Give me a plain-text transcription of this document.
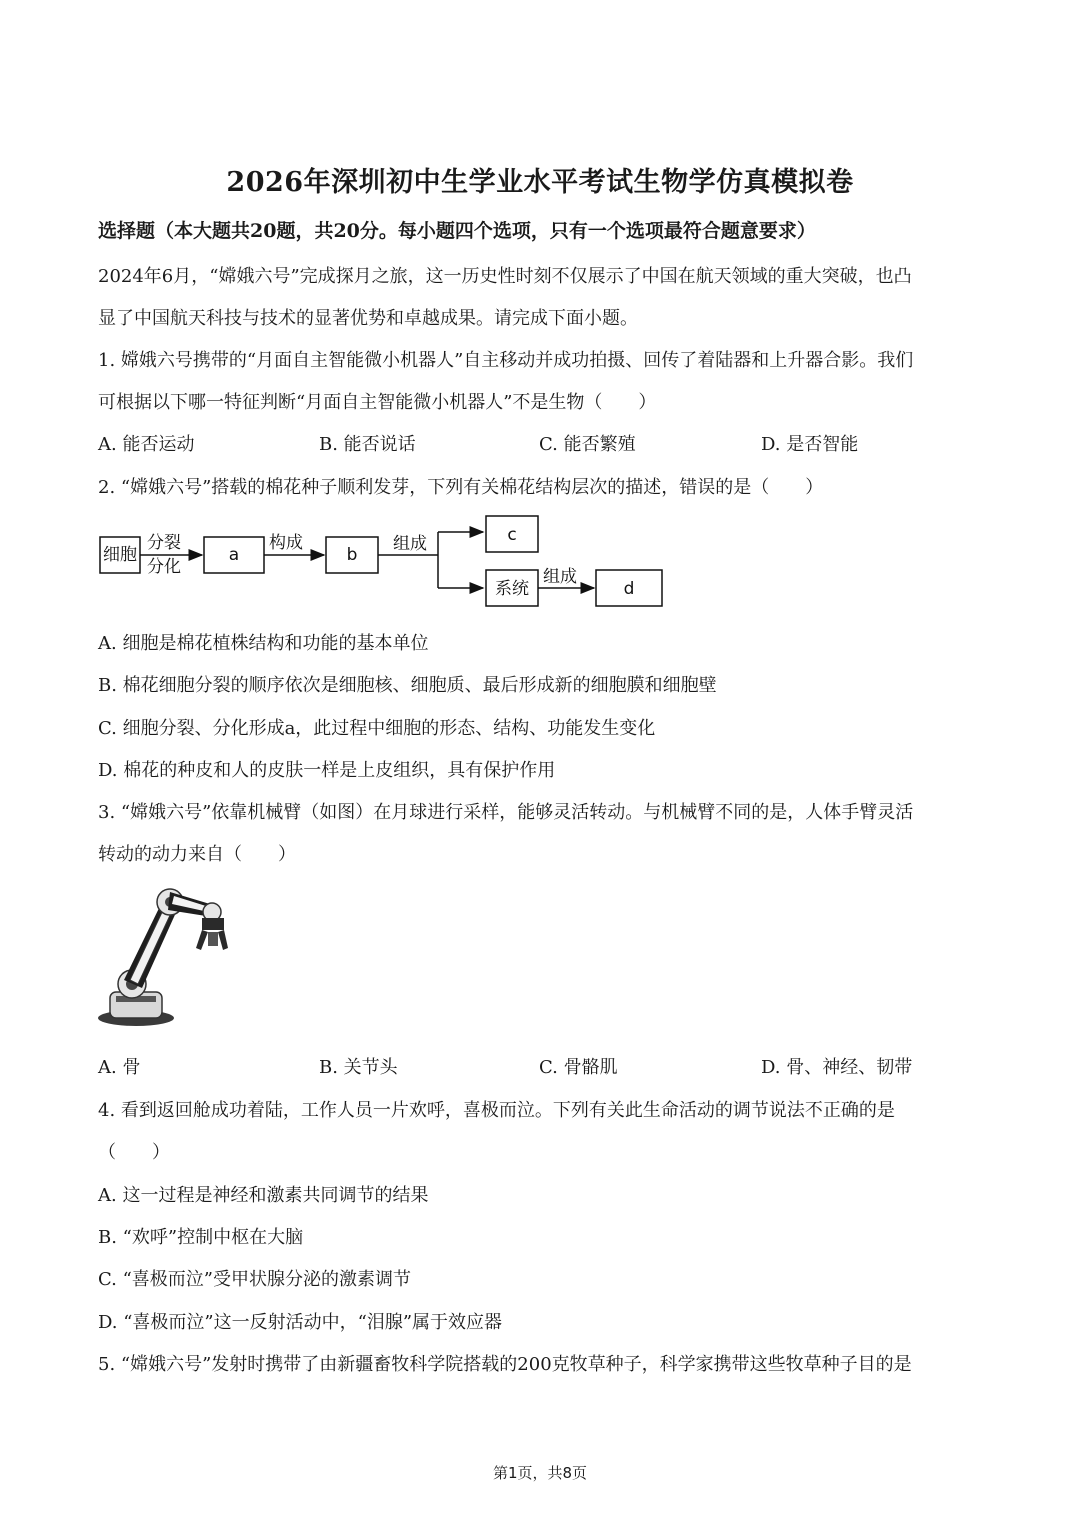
2026年深圳初中生学业水平考试生物学仿真模拟卷
选择题（本大题共20题，共20分。每小题四个选项，只有一个选项最符合题意要求）
2024年6月，“嫦娥六号”完成探月之旅，这一历史性时刻不仅展示了中国在航天领域的重大突破，也凸
显了中国航天科技与技术的显著优势和卓越成果。请完成下面小题。
1. 嫦娥六号携带的“月面自主智能微小机器人”自主移动并成功拍摄、回传了着陆器和上升器合影。我们
可根据以下哪一特征判断“月面自主智能微小机器人”不是生物（　　）
A. 能否运动	B. 能否说话	C. 能否繁殖	D. 是否智能
2. “嫦娥六号”搭载的棉花种子顺利发芽，下列有关棉花结构层次的描述，错误的是（　　）
细胞
分裂
分化
a
构成
b
组成	c
系统
组成
d
A. 细胞是棉花植株结构和功能的基本单位
B. 棉花细胞分裂的顺序依次是细胞核、细胞质、最后形成新的细胞膜和细胞壁
C. 细胞分裂、分化形成a，此过程中细胞的形态、结构、功能发生变化
D. 棉花的种皮和人的皮肤一样是上皮组织，具有保护作用
3. “嫦娥六号”依靠机械臂（如图）在月球进行采样，能够灵活转动。与机械臂不同的是，人体手臂灵活
转动的动力来自（　　）
A. 骨	B. 关节头	C. 骨骼肌	D. 骨、神经、韧带
4. 看到返回舱成功着陆，工作人员一片欢呼，喜极而泣。下列有关此生命活动的调节说法不正确的是
（　　）
A. 这一过程是神经和激素共同调节的结果
B. “欢呼”控制中枢在大脑
C. “喜极而泣”受甲状腺分泌的激素调节
D. “喜极而泣”这一反射活动中，“泪腺”属于效应器
5. “嫦娥六号”发射时携带了由新疆畜牧科学院搭载的200克牧草种子，科学家携带这些牧草种子目的是
第1页，共8页
